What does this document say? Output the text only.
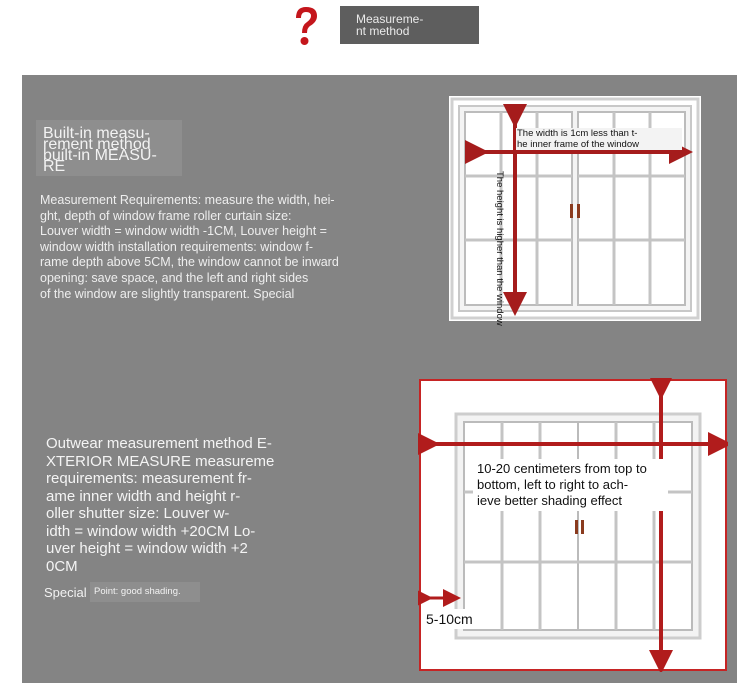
Measureme-
nt method
Built-in measu-
rement method
built-in MEASU-
RE
Measurement Requirements: measure the width, hei-
ght, depth of window frame roller curtain size:
Louver width = window width -1CM, Louver height =
window width installation requirements: window f-
rame depth above 5CM, the window cannot be inward
opening: save space, and the left and right sides
of the window are slightly transparent. Special
The width is 1cm less than t-
he inner frame of the window
The height is higher than the window
Outwear measurement method E-
XTERIOR MEASURE measureme
requirements: measurement fr-
ame inner width and height r-
oller shutter size: Louver w-
idth = window width +20CM Lo-
uver height = window width +2
0CM
Special Point: good shading.
10-20 centimeters from top to
bottom, left to right to ach-
ieve better shading effect
5-10cm
